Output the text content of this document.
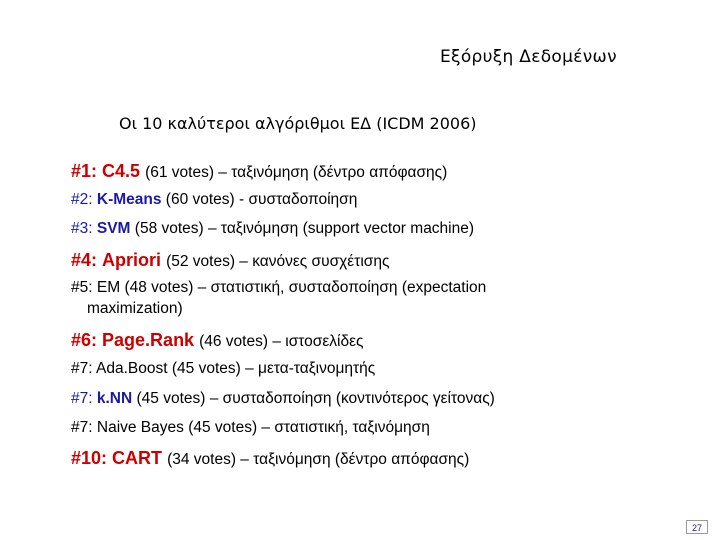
Εξόρυξη Δεδομένων
Οι 10 καλύτεροι αλγόριθμοι ΕΔ (ICDM 2006)
#1: C4.5 (61 votes) – ταξινόμηση (δέντρο απόφασης)
#2: K-Means (60 votes) - συσταδοποίηση
#3: SVM (58 votes) – ταξινόμηση (support vector machine)
#4: Apriori (52 votes) – κανόνες συσχέτισης
#5: EM (48 votes) – στατιστική, συσταδοποίηση (expectation
maximization)
#6: Page.Rank (46 votes) – ιστοσελίδες
#7: Ada.Boost (45 votes) – μετα-ταξινομητής
#7: k.NN (45 votes) – συσταδοποίηση (κοντινότερος γείτονας)
#7: Naive Bayes (45 votes) – στατιστική, ταξινόμηση
#10: CART (34 votes) – ταξινόμηση (δέντρο απόφασης)
27
